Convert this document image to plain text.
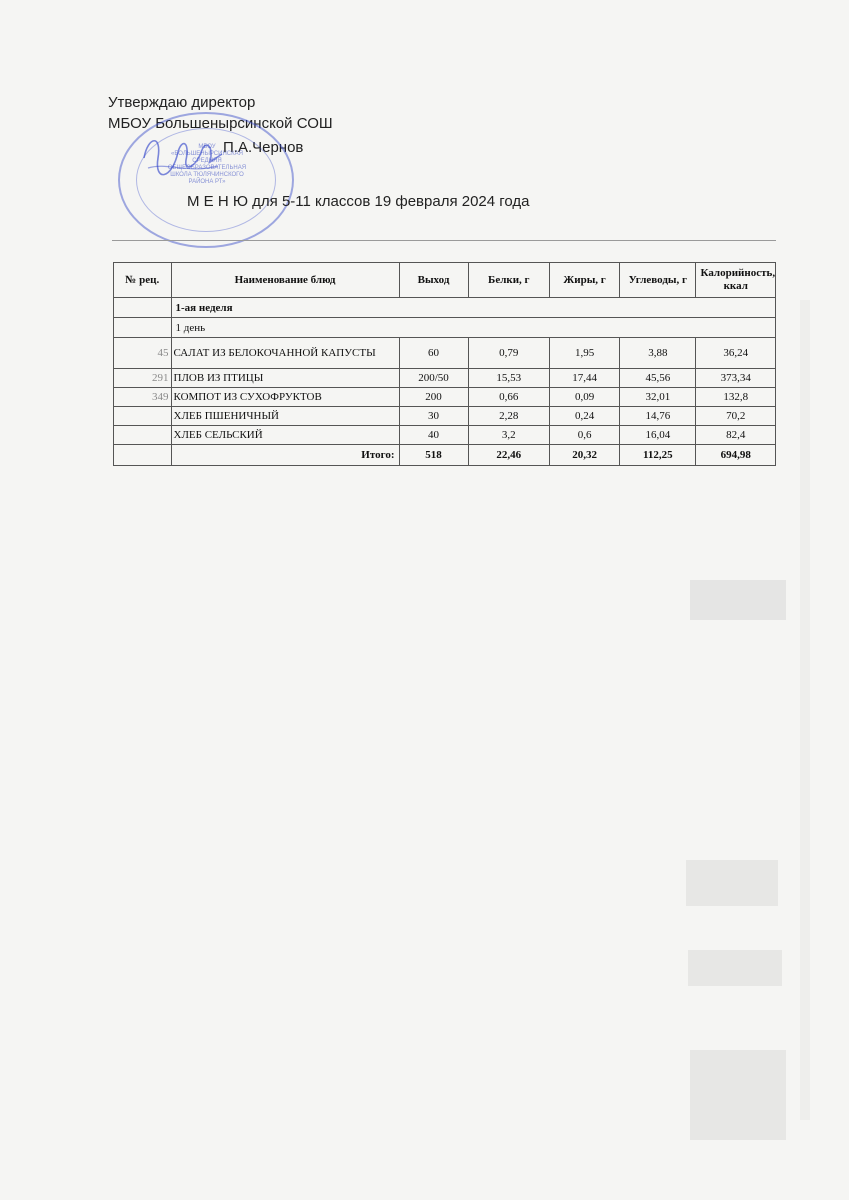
Утверждаю директор
МБОУ Большенырсинской СОШ
П.А.Чернов
МБОУ «БОЛЬШЕНЫРСИНСКАЯ СРЕДНЯЯ ОБЩЕОБРАЗОВАТЕЛЬНАЯ ШКОЛА ТЮЛЯЧИНСКОГО РАЙОНА РТ»
М Е Н Ю для 5-11 классов 19 февраля 2024 года
№ рец.	Наименование блюд	Выход	Белки, г	Жиры, г	Углеводы, г	Калорийность, ккал
	1-ая неделя					
	1 день					
45	САЛАТ ИЗ БЕЛОКОЧАННОЙ КАПУСТЫ	60	0,79	1,95	3,88	36,24
291	ПЛОВ ИЗ ПТИЦЫ	200/50	15,53	17,44	45,56	373,34
349	КОМПОТ ИЗ СУХОФРУКТОВ	200	0,66	0,09	32,01	132,8
	ХЛЕБ ПШЕНИЧНЫЙ	30	2,28	0,24	14,76	70,2
	ХЛЕБ СЕЛЬСКИЙ	40	3,2	0,6	16,04	82,4
	Итого:	518	22,46	20,32	112,25	694,98
